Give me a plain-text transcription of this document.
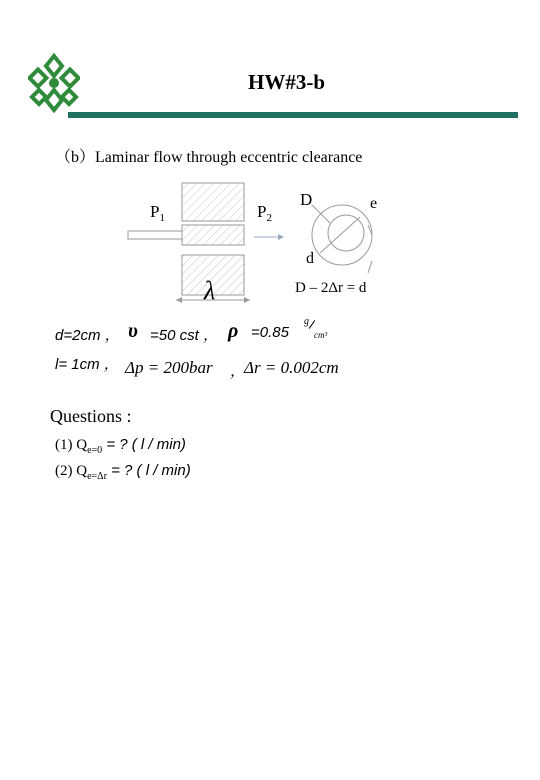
HW#3-b
（b）Laminar flow through eccentric clearance
$P_1$	$P_2$
D	e
d
λ	D – 2Δr = d
d=2cm ， υ =50 cst ， ρ =0.85
g
cm³
l= 1cm ， Δp = 200bar ，
Δr = 0.002cm
Questions :
(1) $Q_{e=0}$ = ? ( l / min)
(2) $Q_{e=\Delta r}$ = ? ( l / min)
